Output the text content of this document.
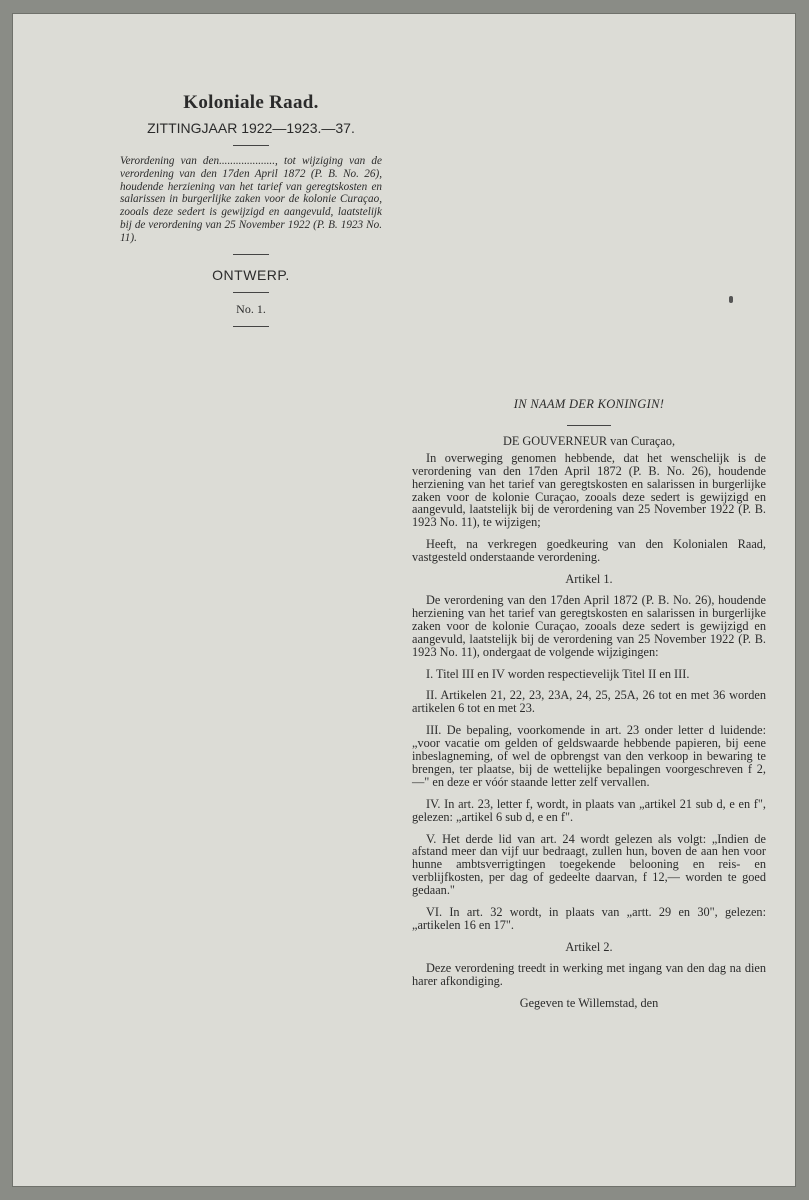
Koloniale Raad.

ZITTINGJAAR 1922—1923.—37.

Verordening van den...................., tot wijziging van de verordening van den 17den April 1872 (P. B. No. 26), houdende herziening van het tarief van geregtskosten en salarissen in burgerlijke zaken voor de kolonie Curaçao, zooals deze sedert is gewijzigd en aangevuld, laatstelijk bij de verordening van 25 November 1922 (P. B. 1923 No. 11).

ONTWERP.

No. 1.

IN NAAM DER KONINGIN!

DE GOUVERNEUR van Curaçao,

In overweging genomen hebbende, dat het wenschelijk is de verordening van den 17den April 1872 (P. B. No. 26), houdende herziening van het tarief van geregtskosten en salarissen in burgerlijke zaken voor de kolonie Curaçao, zooals deze sedert is gewijzigd en aangevuld, laatstelijk bij de verordening van 25 November 1922 (P. B. 1923 No. 11), te wijzigen;

Heeft, na verkregen goedkeuring van den Kolonialen Raad, vastgesteld onderstaande verordening.

Artikel 1.

De verordening van den 17den April 1872 (P. B. No. 26), houdende herziening van het tarief van geregtskosten en salarissen in burgerlijke zaken voor de kolonie Curaçao, zooals deze sedert is gewijzigd en aangevuld, laatstelijk bij de verordening van 25 November 1922 (P. B. 1923 No. 11), ondergaat de volgende wijzigingen:

I. Titel III en IV worden respectievelijk Titel II en III.

II. Artikelen 21, 22, 23, 23A, 24, 25, 25A, 26 tot en met 36 worden artikelen 6 tot en met 23.

III. De bepaling, voorkomende in art. 23 onder letter d luidende: „voor vacatie om gelden of geldswaarde hebbende papieren, bij eene inbeslagneming, of wel de opbrengst van den verkoop in bewaring te brengen, ter plaatse, bij de wettelijke bepalingen voorgeschreven f 2,—" en deze er vóór staande letter zelf vervallen.

IV. In art. 23, letter f, wordt, in plaats van „artikel 21 sub d, e en f", gelezen: „artikel 6 sub d, e en f".

V. Het derde lid van art. 24 wordt gelezen als volgt: „Indien de afstand meer dan vijf uur bedraagt, zullen hun, boven de aan hen voor hunne ambtsverrigtingen toegekende belooning en reis- en verblijfkosten, per dag of gedeelte daarvan, f 12,— worden te goed gedaan."

VI. In art. 32 wordt, in plaats van „artt. 29 en 30", gelezen: „artikelen 16 en 17".

Artikel 2.

Deze verordening treedt in werking met ingang van den dag na dien harer afkondiging.

Gegeven te Willemstad, den
